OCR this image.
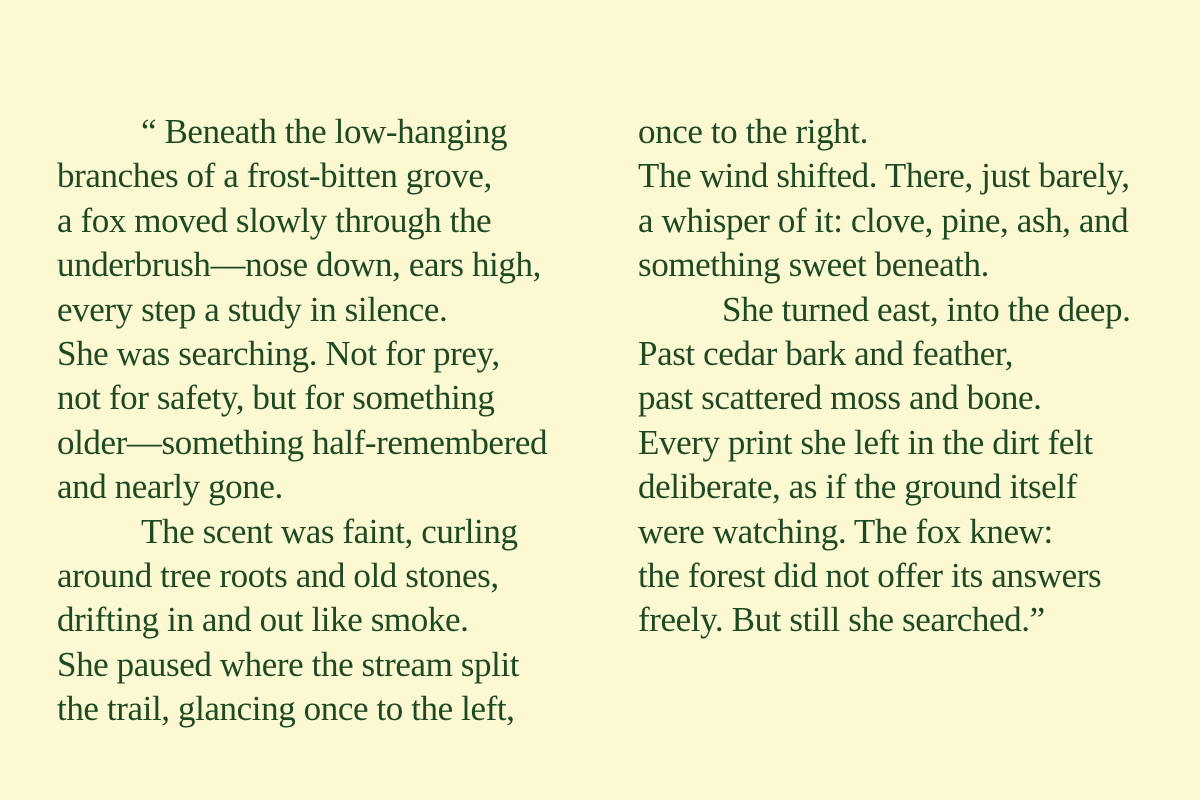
“ Beneath the low-hanging
branches of a frost-bitten grove,
a fox moved slowly through the
underbrush—nose down, ears high,
every step a study in silence.
She was searching. Not for prey,
not for safety, but for something
older—something half-remembered
and nearly gone.
The scent was faint, curling
around tree roots and old stones,
drifting in and out like smoke.
She paused where the stream split
the trail, glancing once to the left,
once to the right.
The wind shifted. There, just barely,
a whisper of it: clove, pine, ash, and
something sweet beneath.
She turned east, into the deep.
Past cedar bark and feather,
past scattered moss and bone.
Every print she left in the dirt felt
deliberate, as if the ground itself
were watching. The fox knew:
the forest did not offer its answers
freely. But still she searched.”
